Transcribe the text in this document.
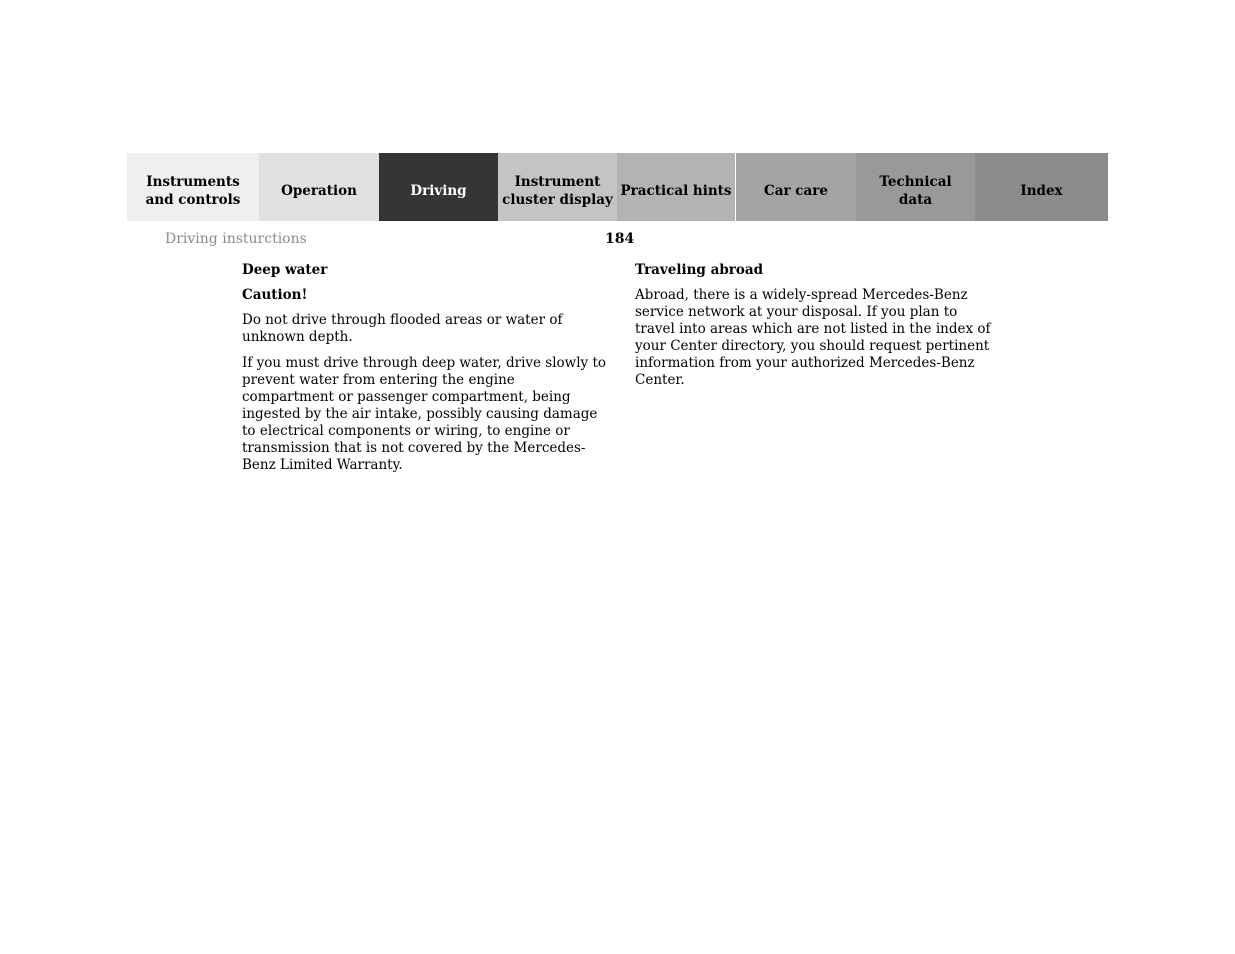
Instruments
and controls
Operation	Driving
Instrument
cluster display
Practical hints	Car care
Technical
data
Index
Driving insturctions	184
Deep water
Caution!

Do not drive through flooded areas or water of unknown depth.

If you must drive through deep water, drive slowly to prevent water from entering the engine compartment or passenger compartment, being ingested by the air intake, possibly causing damage to electrical components or wiring, to engine or transmission that is not covered by the Mercedes-Benz Limited Warranty.

Traveling abroad

Abroad, there is a widely-spread Mercedes-Benz service network at your disposal. If you plan to travel into areas which are not listed in the index of your Center directory, you should request pertinent information from your authorized Mercedes-Benz Center.
